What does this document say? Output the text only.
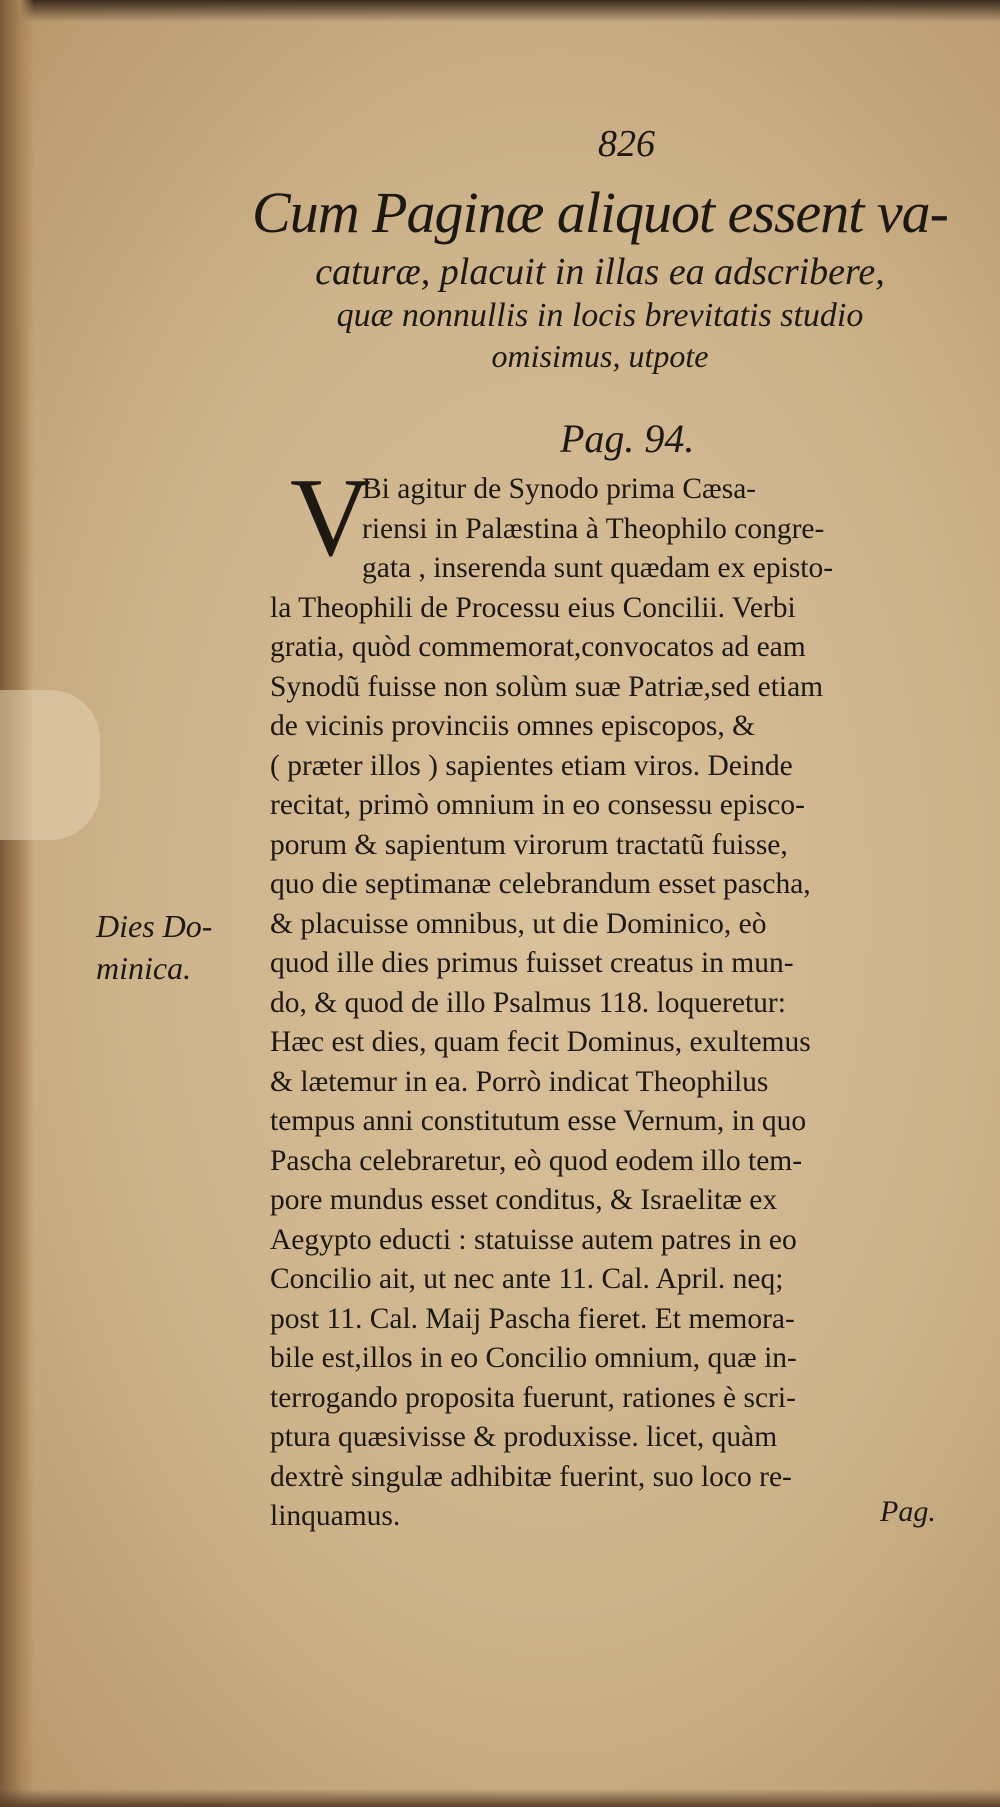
826
Cum Paginæ aliquot essent va-
caturæ, placuit in illas ea adscribere,
quæ nonnullis in locis brevitatis studio
omisimus, utpote
Pag. 94.
V
Bi agitur de Synodo prima Cæsa-
riensi in Palæstina à Theophilo congre-
gata , inserenda sunt quædam ex episto-
la Theophili de Processu eius Concilii. Verbi
gratia, quòd commemorat,convocatos ad eam
Synodũ fuisse non solùm suæ Patriæ,sed etiam
de vicinis provinciis omnes episcopos, &
( præter illos ) sapientes etiam viros. Deinde
recitat, primò omnium in eo consessu episco-
porum & sapientum virorum tractatũ fuisse,
quo die septimanæ celebrandum esset pascha,
& placuisse omnibus, ut die Dominico, eò
quod ille dies primus fuisset creatus in mun-
do, & quod de illo Psalmus 118. loqueretur:
Hæc est dies, quam fecit Dominus, exultemus
& lætemur in ea. Porrò indicat Theophilus
tempus anni constitutum esse Vernum, in quo
Pascha celebraretur, eò quod eodem illo tem-
pore mundus esset conditus, & Israelitæ ex
Aegypto educti : statuisse autem patres in eo
Concilio ait, ut nec ante 11. Cal. April. neq;
post 11. Cal. Maij Pascha fieret. Et memora-
bile est,illos in eo Concilio omnium, quæ in-
terrogando proposita fuerunt, rationes è scri-
ptura quæsivisse & produxisse. licet, quàm
dextrè singulæ adhibitæ fuerint, suo loco re-
linquamus.
Dies Do-
minica.
Pag.
